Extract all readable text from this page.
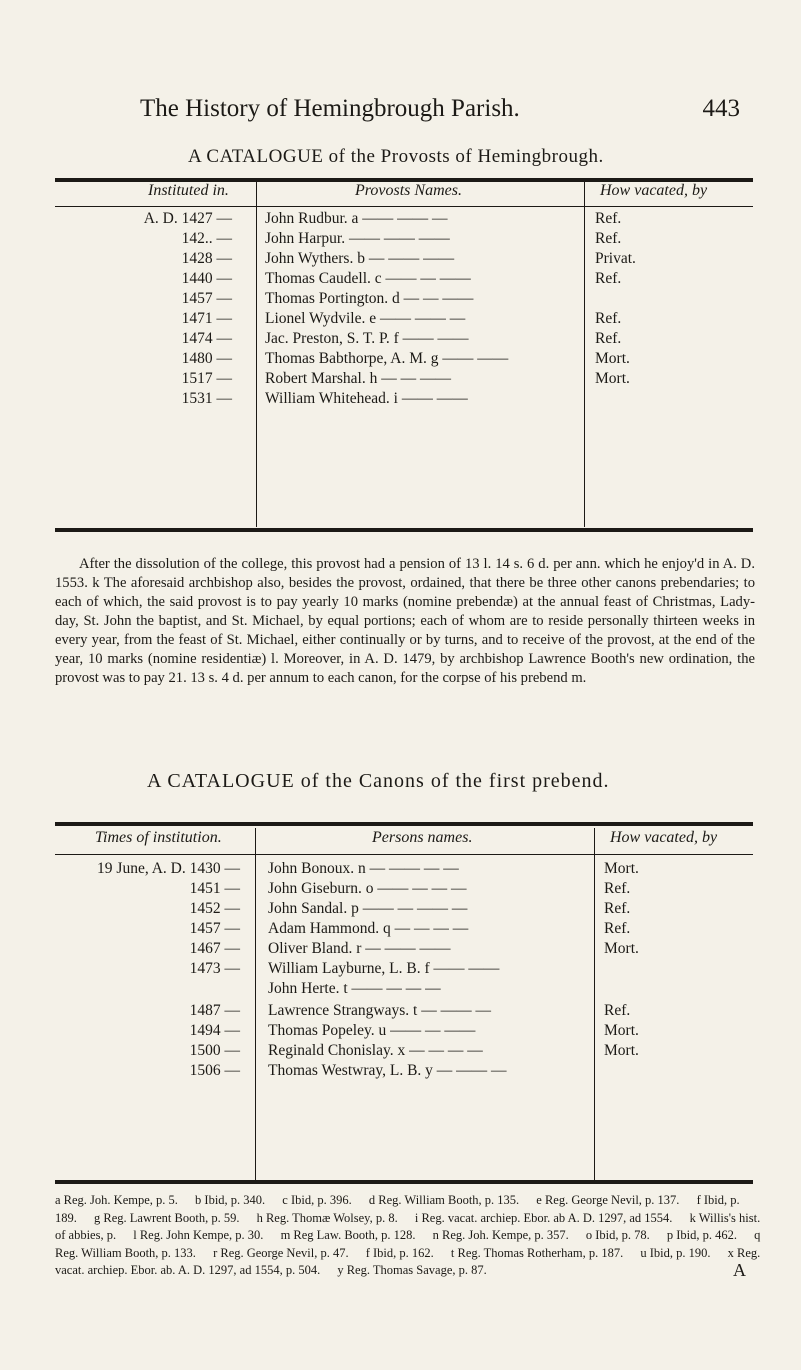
The History of Hemingbrough Parish.	443
A CATALOGUE of the Provosts of Hemingbrough.
Instituted in.	Provosts Names.	How vacated, by
A. D. 1427 — John Rudbur. a —— —— —	Ref.
142.. — John Harpur. —— —— ——	Ref.
1428 — John Wythers. b — —— ——	Privat.
1440 — Thomas Caudell. c —— — ——	Ref.
1457 — Thomas Portington. d — — ——
1471 — Lionel Wydvile. e —— —— —	Ref.
1474 — Jac. Preston, S. T. P. f —— ——	Ref.
1480 — Thomas Babthorpe, A. M. g —— ——	Mort.
1517 — Robert Marshal. h — — ——	Mort.
1531 — William Whitehead. i —— ——

After the dissolution of the college, this provost had a pension of 13 l. 14 s. 6 d. per ann. which he enjoy'd in A. D. 1553. k The aforesaid archbishop also, besides the provost, ordained, that there be three other canons prebendaries; to each of which, the said provost is to pay yearly 10 marks (nomine prebendæ) at the annual feast of Christmas, Lady-day, St. John the baptist, and St. Michael, by equal portions; each of whom are to reside personally thirteen weeks in every year, from the feast of St. Michael, either continually or by turns, and to receive of the provost, at the end of the year, 10 marks (nomine residentiæ) l. Moreover, in A. D. 1479, by archbishop Lawrence Booth's new ordination, the provost was to pay 21. 13 s. 4 d. per annum to each canon, for the corpse of his prebend m.

A CATALOGUE of the Canons of the first prebend.
Times of institution.	Persons names.	How vacated, by
19 June, A. D. 1430 — John Bonoux. n — —— — —	Mort.
1451 — John Giseburn. o —— — — —	Ref.
1452 — John Sandal. p —— — —— —	Ref.
1457 — Adam Hammond. q — — — —	Ref.
1467 — Oliver Bland. r — —— ——	Mort.
1473 — William Layburne, L. B. f —— ——
John Herte. t —— — — —
1487 — Lawrence Strangways. t — —— —	Ref.
1494 — Thomas Popeley. u —— — ——	Mort.
1500 — Reginald Chonislay. x — — — —	Mort.
1506 — Thomas Westwray, L. B. y — —— —
a Reg. Joh. Kempe, p. 5. b Ibid, p. 340. c Ibid, p. 396. d Reg. William Booth, p. 135. e Reg. George Nevil, p. 137. f Ibid, p. 189. g Reg. Lawrent Booth, p. 59. h Reg. Thomæ Wolsey, p. 8. i Reg. vacat. archiep. Ebor. ab A. D. 1297, ad 1554. k Willis's hist. of abbies, p. l Reg. John Kempe, p. 30. m Reg Law. Booth, p. 128. n Reg. Joh. Kempe, p. 357. o Ibid, p. 78. p Ibid, p. 462. q Reg. William Booth, p. 133. r Reg. George Nevil, p. 47. f Ibid, p. 162. t Reg. Thomas Rotherham, p. 187. u Ibid, p. 190. x Reg. vacat. archiep. Ebor. ab. A. D. 1297, ad 1554, p. 504. y Reg. Thomas Savage, p. 87.	A
